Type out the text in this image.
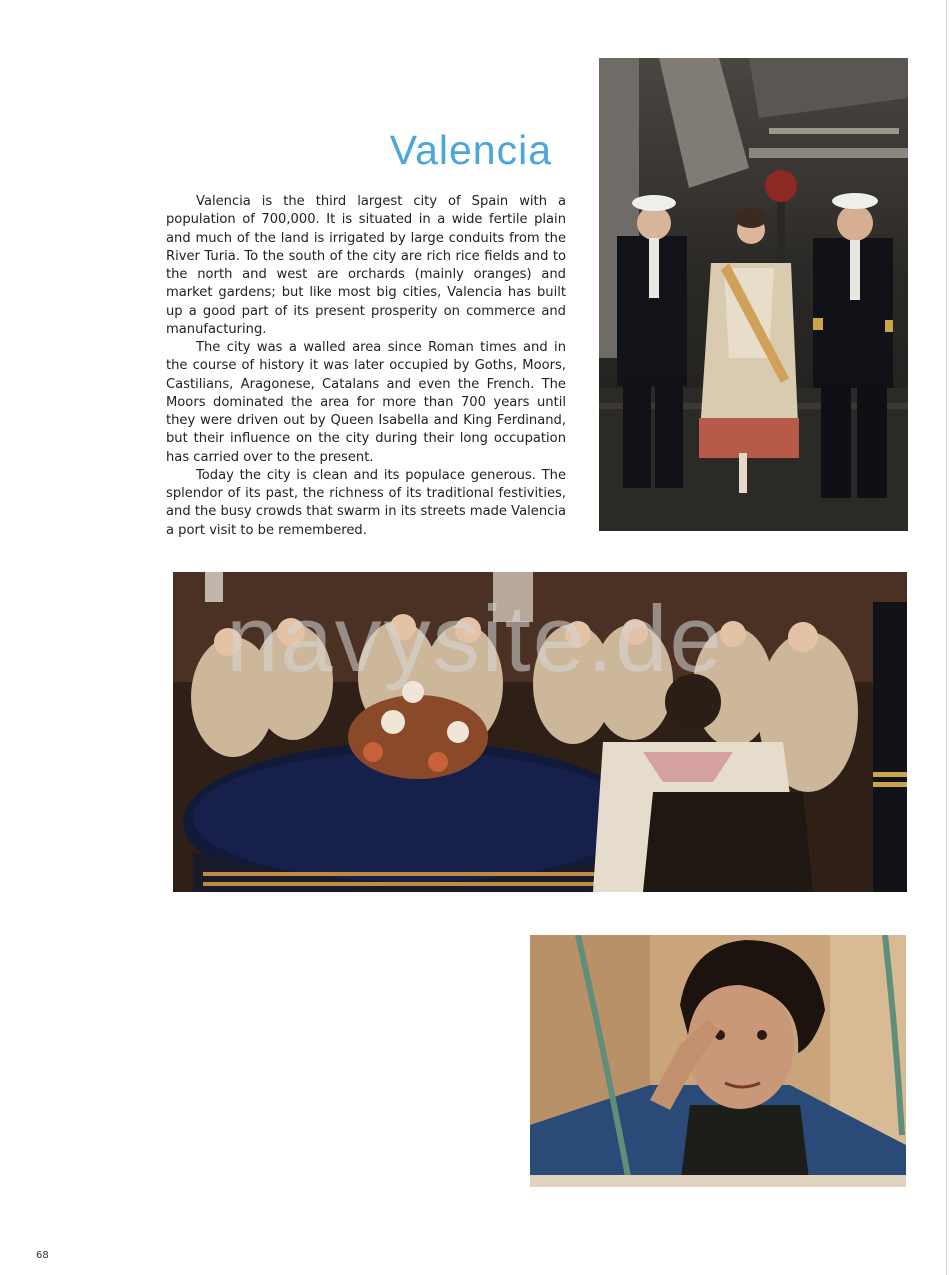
Valencia

Valencia is the third largest city of Spain with a population of 700,000. It is situated in a wide fertile plain and much of the land is irrigated by large conduits from the River Turia. To the south of the city are rich rice fields and to the north and west are orchards (mainly oranges) and market gardens; but like most big cities, Valencia has built up a good part of its present prosperity on commerce and manufacturing.

The city was a walled area since Roman times and in the course of history it was later occupied by Goths, Moors, Castilians, Aragonese, Catalans and even the French. The Moors dominated the area for more than 700 years until they were driven out by Queen Isabella and King Ferdinand, but their influence on the city during their long occupation has carried over to the present.

Today the city is clean and its populace generous. The splendor of its past, the richness of its traditional festivities, and the busy crowds that swarm in its streets made Valencia a port visit to be remembered.

navysite.de
68
